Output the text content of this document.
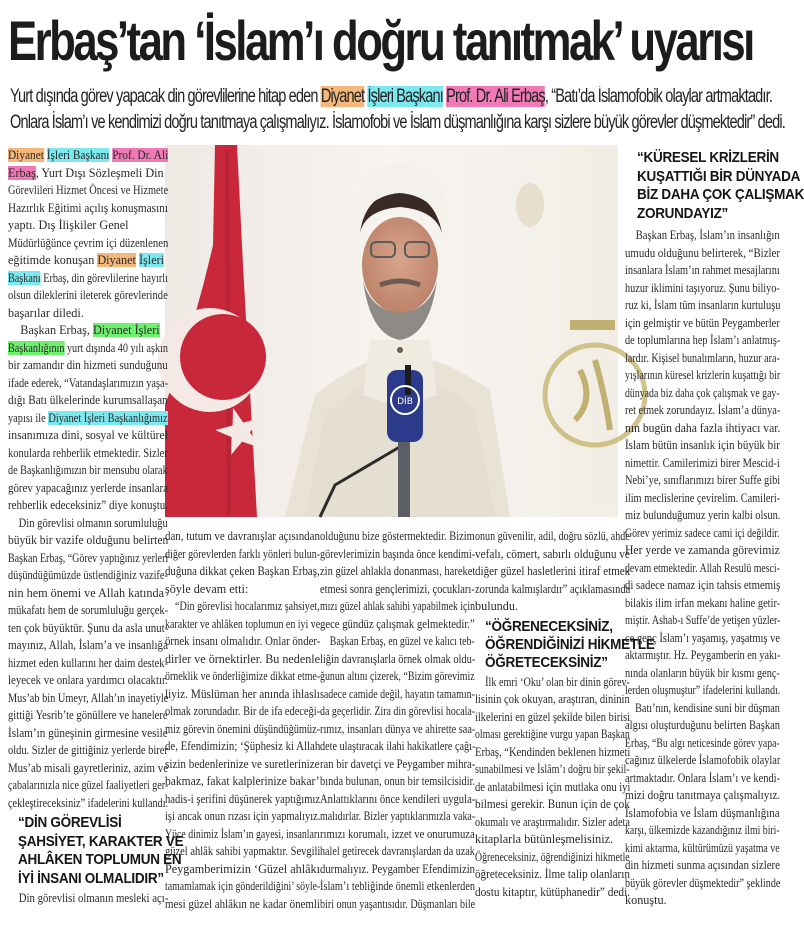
Erbaş’tan ‘İslam’ı doğru tanıtmak’ uyarısı
Yurt dışında görev yapacak din görevlilerine hitap eden Diyanet İşleri Başkanı Prof. Dr. Ali Erbaş, “Batı’da İslamofobik olaylar artmaktadır.
Onlara İslam’ı ve kendimizi doğru tanıtmaya çalışmalıyız. İslamofobi ve İslam düşmanlığına karşı sizlere büyük görevler düşmektedir” dedi.
DİB
Diyanet İşleri Başkanı Prof. Dr. Ali
Erbaş, Yurt Dışı Sözleşmeli Din
Görevlileri Hizmet Öncesi ve Hizmete
Hazırlık Eğitimi açılış konuşmasını
yaptı. Dış İlişkiler Genel
Müdürlüğünce çevrim içi düzenlenen
eğitimde konuşan Diyanet İşleri
Başkanı Erbaş, din görevlilerine hayırlı
olsun dileklerini ileterek görevlerinde
başarılar diledi.
Başkan Erbaş, Diyanet İşleri
Başkanlığının yurt dışında 40 yılı aşkın
bir zamandır din hizmeti sunduğunu
ifade ederek, “Vatandaşlarımızın yaşa-
dığı Batı ülkelerinde kurumsallaşan
yapısı ile Diyanet İşleri Başkanlığımız
insanımıza dini, sosyal ve kültürel
konularda rehberlik etmektedir. Sizler
de Başkanlığımızın bir mensubu olarak
görev yapacağınız yerlerde insanlara
rehberlik edeceksiniz” diye konuştu.
Din görevlisi olmanın sorumluluğu
büyük bir vazife olduğunu belirten
Başkan Erbaş, “Görev yaptığınız yerleri
düşündüğümüzde üstlendiğiniz vazife-
nin hem önemi ve Allah katında
mükafatı hem de sorumluluğu gerçek-
ten çok büyüktür. Şunu da asla unut-
mayınız, Allah, İslam’a ve insanlığa
hizmet eden kullarını her daim destek-
leyecek ve onlara yardımcı olacaktır.
Mus’ab bin Umeyr, Allah’ın inayetiyle
gittiği Yesrib’te gönüllere ve hanelere
İslam’ın güneşinin girmesine vesile
oldu. Sizler de gittiğiniz yerlerde birer
Mus’ab misali gayretleriniz, azim ve
çabalarınızla nice güzel faaliyetleri ger-
çekleştireceksiniz” ifadelerini kullandı.
“DİN GÖREVLİSİ
ŞAHSİYET, KARAKTER VE
AHLÂKEN TOPLUMUN EN
İYİ İNSANI OLMALIDIR”
Din görevlisi olmanın mesleki açı-
dan, tutum ve davranışlar açısından
diğer görevlerden farklı yönleri bulun-
duğuna dikkat çeken Başkan Erbaş,
şöyle devam etti:
“Din görevlisi hocalarımız şahsiyet,
karakter ve ahlâken toplumun en iyi ve
örnek insanı olmalıdır. Onlar önder-
dirler ve örnektirler. Bu nedenle
örneklik ve önderliğimize dikkat etme-
liyiz. Müslüman her anında ihlaslı
olmak zorundadır. Bir de ifa edeceği-
miz görevin önemini düşündüğümüz-
de, Efendimizin; ‘Şüphesiz ki Allah
sizin bedenlerinize ve suretlerinize
bakmaz, fakat kalplerinize bakar’
hadis-i şerifini düşünerek yaptığımız
işi ancak onun rızası için yapmalıyız.
Yüce dinimiz İslam’ın gayesi, insanları
güzel ahlâk sahibi yapmaktır. Sevgili
Peygamberimizin ‘Güzel ahlâkı
tamamlamak için gönderildiğini’ söyle-
mesi güzel ahlâkın ne kadar önemli
olduğunu bize göstermektedir. Bizim
görevlerimizin başında önce kendimi-
zin güzel ahlakla donanması, hareket
etmesi sonra gençlerimizi, çocukları-
mızı güzel ahlak sahibi yapabilmek için
gece gündüz çalışmak gelmektedir.”
Başkan Erbaş, en güzel ve kalıcı teb-
liğin davranışlarla örnek olmak oldu-
ğunun altını çizerek, “Bizim görevimiz
sadece camide değil, hayatın tamamın-
da geçerlidir. Zira din görevlisi hocala-
rımız, insanları dünya ve ahirette saa-
dete ulaştıracak ilahi hakikatlere çağı-
ran bir davetçi ve Peygamber mihra-
bında bulunan, onun bir temsilcisidir.
Anlattıklarını önce kendileri uygula-
malıdırlar. Bizler yaptıklarımızla vaka-
rımızı korumalı, izzet ve onurumuza
halel getirecek davranışlardan da uzak
durmalıyız. Peygamber Efendimizin
İslam’ı tebliğinde önemli etkenlerden
biri onun yaşantısıdır. Düşmanları bile
onun güvenilir, adil, doğru sözlü, ahde
vefalı, cömert, sabırlı olduğunu ve
diğer güzel hasletlerini itiraf etmek
zorunda kalmışlardır” açıklamasında
bulundu.
“ÖĞRENECEKSİNİZ,
ÖĞRENDİĞİNİZİ HİKMETLE
ÖĞRETECEKSİNİZ”
İlk emri ‘Oku’ olan bir dinin görev-
lisinin çok okuyan, araştıran, dininin
ilkelerini en güzel şekilde bilen birisi
olması gerektiğine vurgu yapan Başkan
Erbaş, “Kendinden beklenen hizmeti
sunabilmesi ve İslâm’ı doğru bir şekil-
de anlatabilmesi için mutlaka onu iyi
bilmesi gerekir. Bunun için de çok
okumalı ve araştırmalıdır. Sizler adeta
kitaplarla bütünleşmelisiniz.
Öğreneceksiniz, öğrendiğinizi hikmetle
öğreteceksiniz. İlme talip olanların
dostu kitaptır, kütüphanedir” dedi.
“KÜRESEL KRİZLERİN
KUŞATTIĞI BİR DÜNYADA
BİZ DAHA ÇOK ÇALIŞMAK
ZORUNDAYIZ”
Başkan Erbaş, İslam’ın insanlığın
umudu olduğunu belirterek, “Bizler
insanlara İslam’ın rahmet mesajlarını
huzur iklimini taşıyoruz. Şunu biliyo-
ruz ki, İslam tüm insanların kurtuluşu
için gelmiştir ve bütün Peygamberler
de toplumlarına hep İslam’ı anlatmış-
lardır. Kişisel bunalımların, huzur ara-
yışlarının küresel krizlerin kuşattığı bir
dünyada biz daha çok çalışmak ve gay-
ret etmek zorundayız. İslam’a dünya-
nın bugün daha fazla ihtiyacı var.
İslam bütün insanlık için büyük bir
nimettir. Camilerimizi birer Mescid-i
Nebi’ye, sınıflarımızı birer Suffe gibi
ilim meclislerine çevirelim. Camileri-
miz bulunduğumuz yerin kalbi olsun.
Görev yerimiz sadece cami içi değildir.
Her yerde ve zamanda görevimiz
devam etmektedir. Allah Resulü mesci-
di sadece namaz için tahsis etmemiş
bilakis ilim irfan mekanı haline getir-
miştir. Ashab-ı Suffe’de yetişen yüzler-
ce genç İslam’ı yaşamış, yaşatmış ve
aktarmıştır. Hz. Peygamberin en yakı-
nında olanların büyük bir kısmı genç-
lerden oluşmuştur” ifadelerini kullandı.
Batı’nın, kendisine suni bir düşman
algısı oluşturduğunu belirten Başkan
Erbaş, “Bu algı neticesinde görev yapa-
cağınız ülkelerde İslamofobik olaylar
artmaktadır. Onlara İslam’ı ve kendi-
mizi doğru tanıtmaya çalışmalıyız.
İslamofobia ve İslam düşmanlığına
karşı, ülkemizde kazandığınız ilmi biri-
kimi aktarma, kültürümüzü yaşatma ve
din hizmeti sunma açısından sizlere
büyük görevler düşmektedir” şeklinde
konuştu.
